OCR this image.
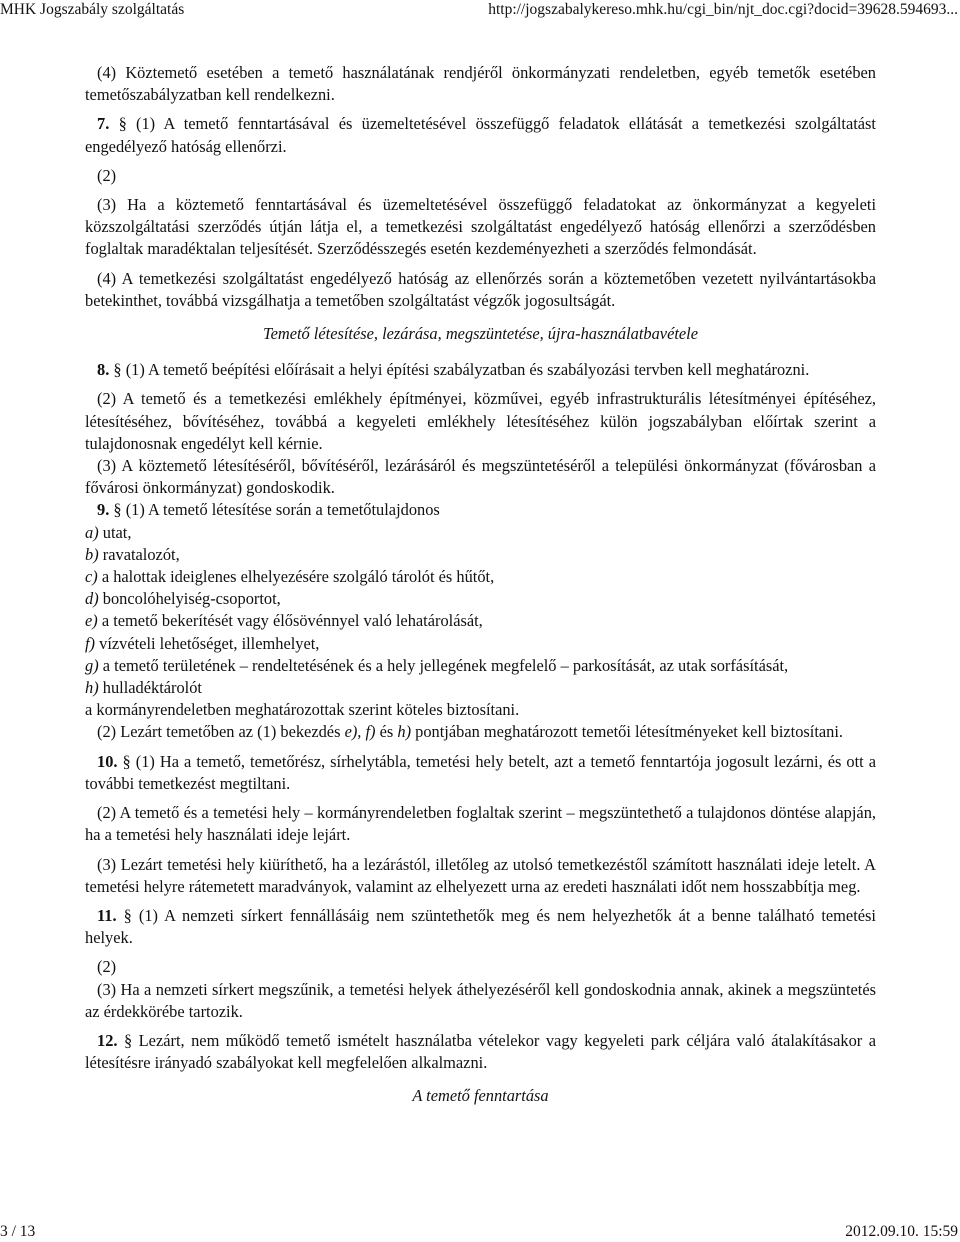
MHK Jogszabály szolgáltatás	http://jogszabalykereso.mhk.hu/cgi_bin/njt_doc.cgi?docid=39628.594693...

(4) Köztemető esetében a temető használatának rendjéről önkormányzati rendeletben, egyéb temetők esetében temetőszabályzatban kell rendelkezni.

7. § (1) A temető fenntartásával és üzemeltetésével összefüggő feladatok ellátását a temetkezési szolgáltatást engedélyező hatóság ellenőrzi.

(2)

(3) Ha a köztemető fenntartásával és üzemeltetésével összefüggő feladatokat az önkormányzat a kegyeleti közszolgáltatási szerződés útján látja el, a temetkezési szolgáltatást engedélyező hatóság ellenőrzi a szerződésben foglaltak maradéktalan teljesítését. Szerződésszegés esetén kezdeményezheti a szerződés felmondását.

(4) A temetkezési szolgáltatást engedélyező hatóság az ellenőrzés során a köztemetőben vezetett nyilvántartásokba betekinthet, továbbá vizsgálhatja a temetőben szolgáltatást végzők jogosultságát.

Temető létesítése, lezárása, megszüntetése, újra-használatbavétele

8. § (1) A temető beépítési előírásait a helyi építési szabályzatban és szabályozási tervben kell meghatározni.

(2) A temető és a temetkezési emlékhely építményei, közművei, egyéb infrastrukturális létesítményei építéséhez, létesítéséhez, bővítéséhez, továbbá a kegyeleti emlékhely létesítéséhez külön jogszabályban előírtak szerint a tulajdonosnak engedélyt kell kérnie.

(3) A köztemető létesítéséről, bővítéséről, lezárásáról és megszüntetéséről a települési önkormányzat (fővárosban a fővárosi önkormányzat) gondoskodik.

9. § (1) A temető létesítése során a temetőtulajdonos

a) utat,

b) ravatalozót,

c) a halottak ideiglenes elhelyezésére szolgáló tárolót és hűtőt,

d) boncolóhelyiség-csoportot,

e) a temető bekerítését vagy élősövénnyel való lehatárolását,

f) vízvételi lehetőséget, illemhelyet,

g) a temető területének – rendeltetésének és a hely jellegének megfelelő – parkosítását, az utak sorfásítását,

h) hulladéktárolót

a kormányrendeletben meghatározottak szerint köteles biztosítani.

(2) Lezárt temetőben az (1) bekezdés e), f) és h) pontjában meghatározott temetői létesítményeket kell biztosítani.

10. § (1) Ha a temető, temetőrész, sírhelytábla, temetési hely betelt, azt a temető fenntartója jogosult lezárni, és ott a további temetkezést megtiltani.

(2) A temető és a temetési hely – kormányrendeletben foglaltak szerint – megszüntethető a tulajdonos döntése alapján, ha a temetési hely használati ideje lejárt.

(3) Lezárt temetési hely kiüríthető, ha a lezárástól, illetőleg az utolsó temetkezéstől számított használati ideje letelt. A temetési helyre rátemetett maradványok, valamint az elhelyezett urna az eredeti használati időt nem hosszabbítja meg.

11. § (1) A nemzeti sírkert fennállásáig nem szüntethetők meg és nem helyezhetők át a benne található temetési helyek.

(2)

(3) Ha a nemzeti sírkert megszűnik, a temetési helyek áthelyezéséről kell gondoskodnia annak, akinek a megszüntetés az érdekkörébe tartozik.

12. § Lezárt, nem működő temető ismételt használatba vételekor vagy kegyeleti park céljára való átalakításakor a létesítésre irányadó szabályokat kell megfelelően alkalmazni.

A temető fenntartása

3 / 13	2012.09.10. 15:59
